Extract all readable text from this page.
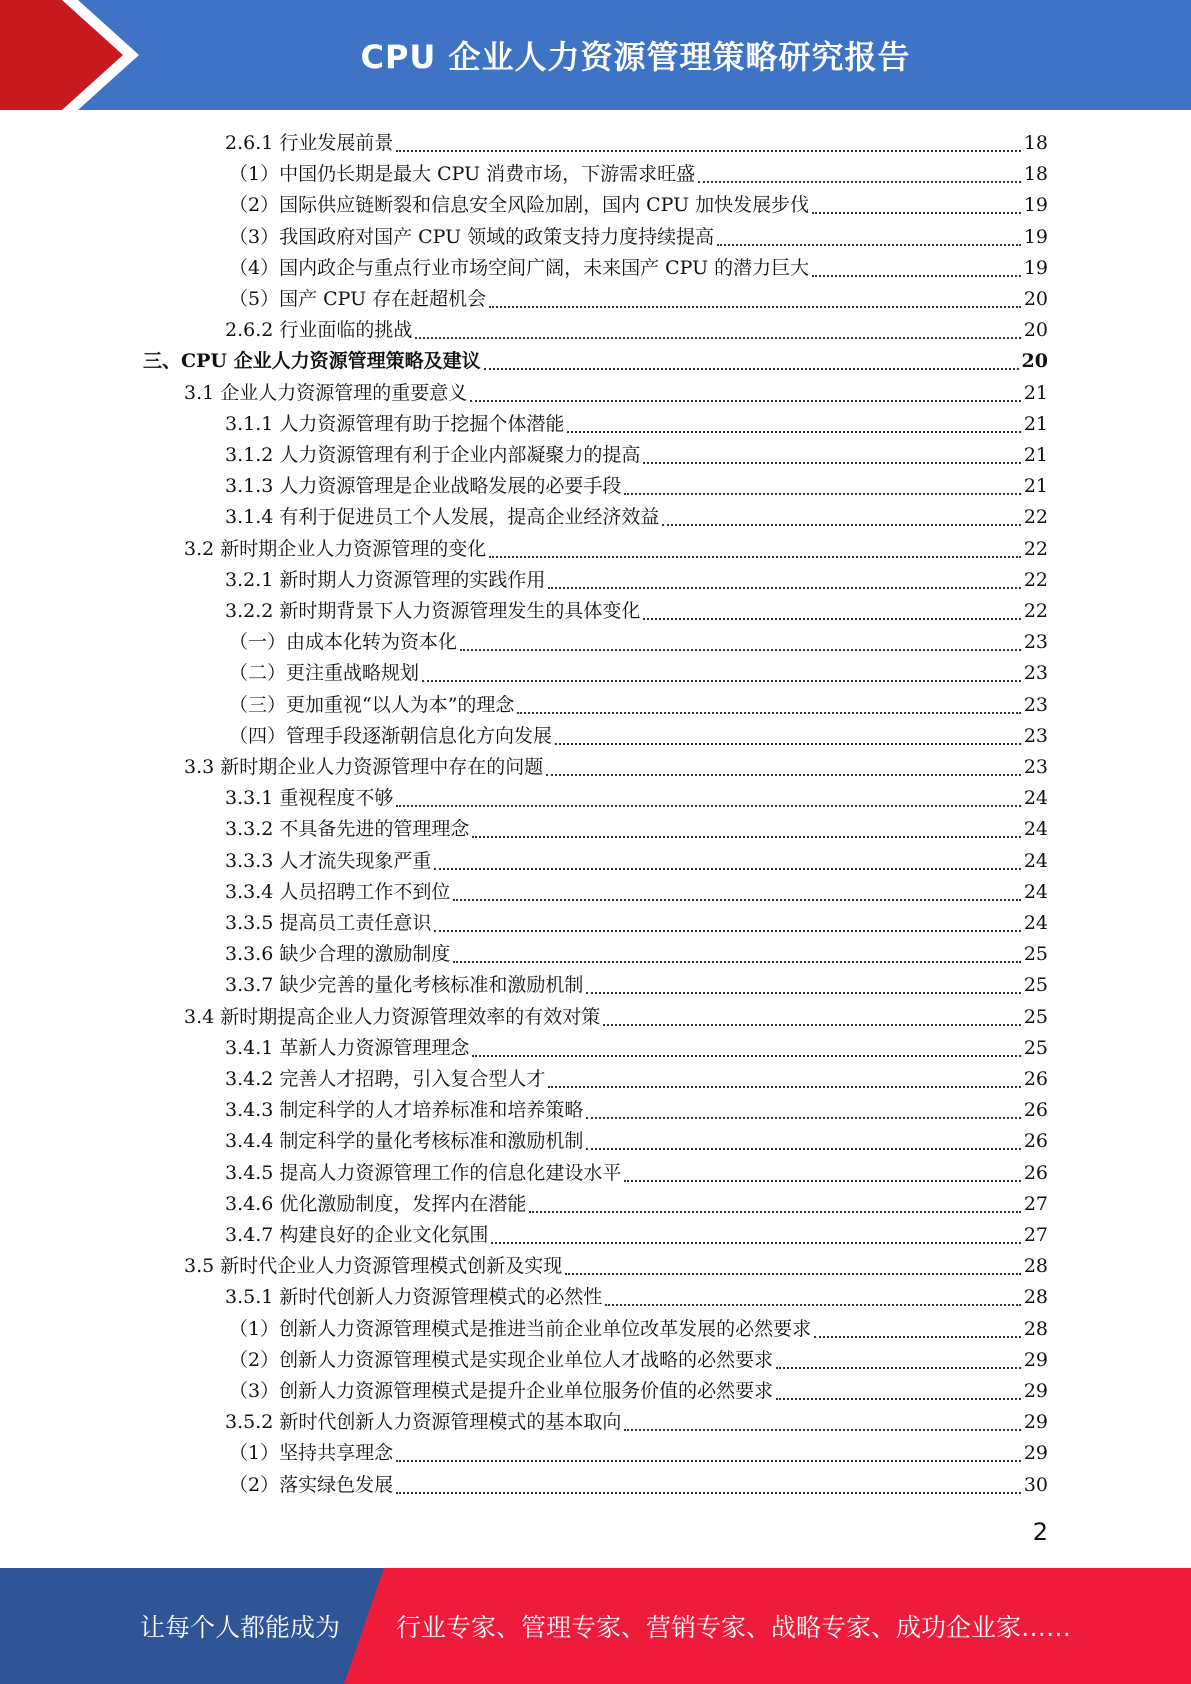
CPU 企业人力资源管理策略研究报告
2.6.1 行业发展前景	18
（1）中国仍长期是最大 CPU 消费市场，下游需求旺盛	18
（2）国际供应链断裂和信息安全风险加剧，国内 CPU 加快发展步伐	19
（3）我国政府对国产 CPU 领域的政策支持力度持续提高	19
（4）国内政企与重点行业市场空间广阔，未来国产 CPU 的潜力巨大	19
（5）国产 CPU 存在赶超机会	20
2.6.2 行业面临的挑战	20
三、CPU 企业人力资源管理策略及建议	20
3.1 企业人力资源管理的重要意义	21
3.1.1 人力资源管理有助于挖掘个体潜能	21
3.1.2 人力资源管理有利于企业内部凝聚力的提高	21
3.1.3 人力资源管理是企业战略发展的必要手段	21
3.1.4 有利于促进员工个人发展，提高企业经济效益	22
3.2 新时期企业人力资源管理的变化	22
3.2.1 新时期人力资源管理的实践作用	22
3.2.2 新时期背景下人力资源管理发生的具体变化	22
（一）由成本化转为资本化	23
（二）更注重战略规划	23
（三）更加重视“以人为本”的理念	23
（四）管理手段逐渐朝信息化方向发展	23
3.3 新时期企业人力资源管理中存在的问题	23
3.3.1 重视程度不够	24
3.3.2 不具备先进的管理理念	24
3.3.3 人才流失现象严重	24
3.3.4 人员招聘工作不到位	24
3.3.5 提高员工责任意识	24
3.3.6 缺少合理的激励制度	25
3.3.7 缺少完善的量化考核标准和激励机制	25
3.4 新时期提高企业人力资源管理效率的有效对策	25
3.4.1 革新人力资源管理理念	25
3.4.2 完善人才招聘，引入复合型人才	26
3.4.3 制定科学的人才培养标准和培养策略	26
3.4.4 制定科学的量化考核标准和激励机制	26
3.4.5 提高人力资源管理工作的信息化建设水平	26
3.4.6 优化激励制度，发挥内在潜能	27
3.4.7 构建良好的企业文化氛围	27
3.5 新时代企业人力资源管理模式创新及实现	28
3.5.1 新时代创新人力资源管理模式的必然性	28
（1）创新人力资源管理模式是推进当前企业单位改革发展的必然要求	28
（2）创新人力资源管理模式是实现企业单位人才战略的必然要求	29
（3）创新人力资源管理模式是提升企业单位服务价值的必然要求	29
3.5.2 新时代创新人力资源管理模式的基本取向	29
（1）坚持共享理念	29
（2）落实绿色发展	30
2
让每个人都能成为 行业专家、管理专家、营销专家、战略专家、成功企业家……
